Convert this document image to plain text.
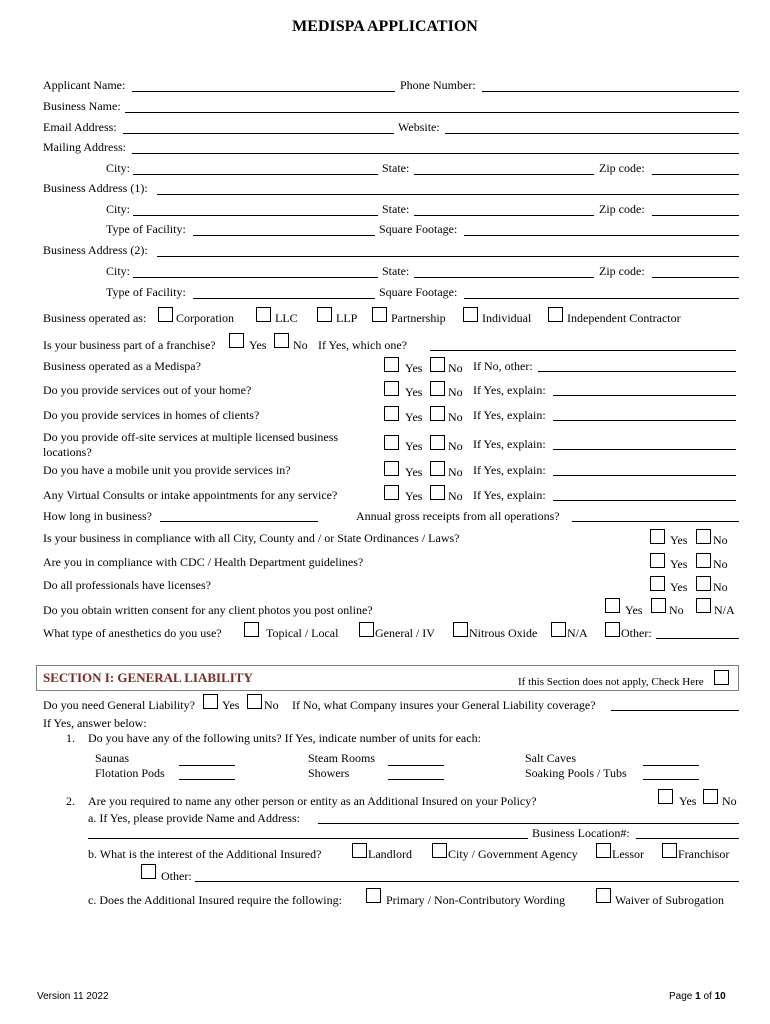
MEDISPA APPLICATION
Applicant Name:	Phone Number:
Business Name:
Email Address:	Website:
Mailing Address:
City:	State:	Zip code:
Business Address (1):
City:	State:	Zip code:
Type of Facility:	Square Footage:
Business Address (2):
City:	State:	Zip code:
Type of Facility:	Square Footage:
Business operated as: Corporation	LLC	LLP	Partnership	Individual	Independent Contractor
Is your business part of a franchise?	Yes No If Yes, which one?
Business operated as a Medispa?	Yes No If No, other:
Do you provide services out of your home?	Yes No If Yes, explain:
Do you provide services in homes of clients?	Yes No If Yes, explain:
Do you provide off-site services at multiple licensed business
locations?	Yes No If Yes, explain:
Do you have a mobile unit you provide services in?	Yes No If Yes, explain:
Any Virtual Consults or intake appointments for any service?	Yes No If Yes, explain:
How long in business?	Annual gross receipts from all operations?
Is your business in compliance with all City, County and / or State Ordinances / Laws?	Yes No
Are you in compliance with CDC / Health Department guidelines?	Yes No
Do all professionals have licenses?	Yes No
Do you obtain written consent for any client photos you post online?	Yes No	N/A
What type of anesthetics do you use?	Topical / Local	General / IV	Nitrous Oxide N/A	Other:
SECTION I: GENERAL LIABILITY	If this Section does not apply, Check Here
Do you need General Liability? Yes No If No, what Company insures your General Liability coverage?
If Yes, answer below:
1. Do you have any of the following units? If Yes, indicate number of units for each:
Saunas	Steam Rooms	Salt Caves
Flotation Pods	Showers	Soaking Pools / Tubs
2. Are you required to name any other person or entity as an Additional Insured on your Policy?	Yes No
a. If Yes, please provide Name and Address:
Business Location#:
b. What is the interest of the Additional Insured?	Landlord	City / Government Agency	Lessor	Franchisor
Other:
c. Does the Additional Insured require the following:	Primary / Non-Contributory Wording	Waiver of Subrogation
Version 11 2022	Page 1 of 10
